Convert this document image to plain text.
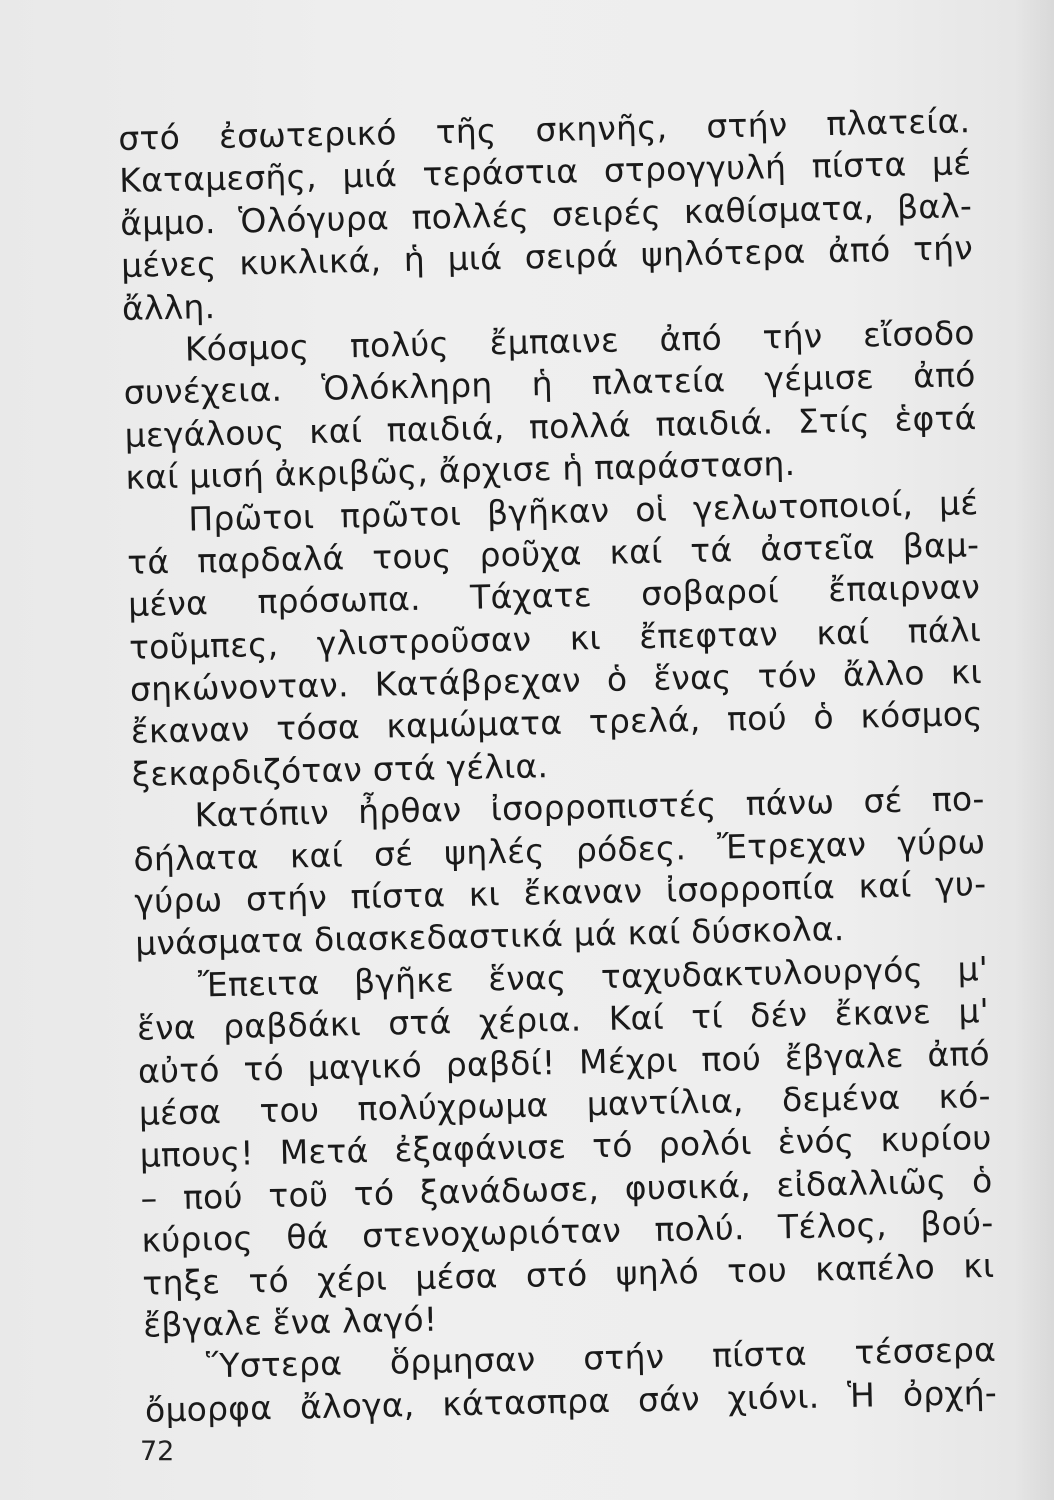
στό ἐσωτερικό τῆς σκηνῆς, στήν πλατεία.
Καταμεσῆς, μιά τεράστια στρογγυλή πίστα μέ
ἄμμο. Ὁλόγυρα πολλές σειρές καθίσματα, βαλ-
μένες κυκλικά, ἡ μιά σειρά ψηλότερα ἀπό τήν
ἄλλη.
Κόσμος πολύς ἔμπαινε ἀπό τήν εἴσοδο
συνέχεια. Ὁλόκληρη ἡ πλατεία γέμισε ἀπό
μεγάλους καί παιδιά, πολλά παιδιά. Στίς ἑφτά
καί μισή ἀκριβῶς, ἄρχισε ἡ παράσταση.
Πρῶτοι πρῶτοι βγῆκαν οἱ γελωτοποιοί, μέ
τά παρδαλά τους ροῦχα καί τά ἀστεῖα βαμ-
μένα πρόσωπα. Τάχατε σοβαροί ἔπαιρναν
τοῦμπες, γλιστροῦσαν κι ἔπεφταν καί πάλι
σηκώνονταν. Κατάβρεχαν ὁ ἕνας τόν ἄλλο κι
ἔκαναν τόσα καμώματα τρελά, πού ὁ κόσμος
ξεκαρδιζόταν στά γέλια.
Κατόπιν ἦρθαν ἰσορροπιστές πάνω σέ πο-
δήλατα καί σέ ψηλές ρόδες. Ἔτρεχαν γύρω
γύρω στήν πίστα κι ἔκαναν ἰσορροπία καί γυ-
μνάσματα διασκεδαστικά μά καί δύσκολα.
Ἔπειτα βγῆκε ἕνας ταχυδακτυλουργός μ'
ἕνα ραβδάκι στά χέρια. Καί τί δέν ἔκανε μ'
αὐτό τό μαγικό ραβδί! Μέχρι πού ἔβγαλε ἀπό
μέσα του πολύχρωμα μαντίλια, δεμένα κό-
μπους! Μετά ἐξαφάνισε τό ρολόι ἑνός κυρίου
– πού τοῦ τό ξανάδωσε, φυσικά, εἰδαλλιῶς ὁ
κύριος θά στενοχωριόταν πολύ. Τέλος, βού-
τηξε τό χέρι μέσα στό ψηλό του καπέλο κι
ἔβγαλε ἕνα λαγό!
Ὕστερα ὅρμησαν στήν πίστα τέσσερα
ὄμορφα ἄλογα, κάτασπρα σάν χιόνι. Ἡ ὀρχή-
72
